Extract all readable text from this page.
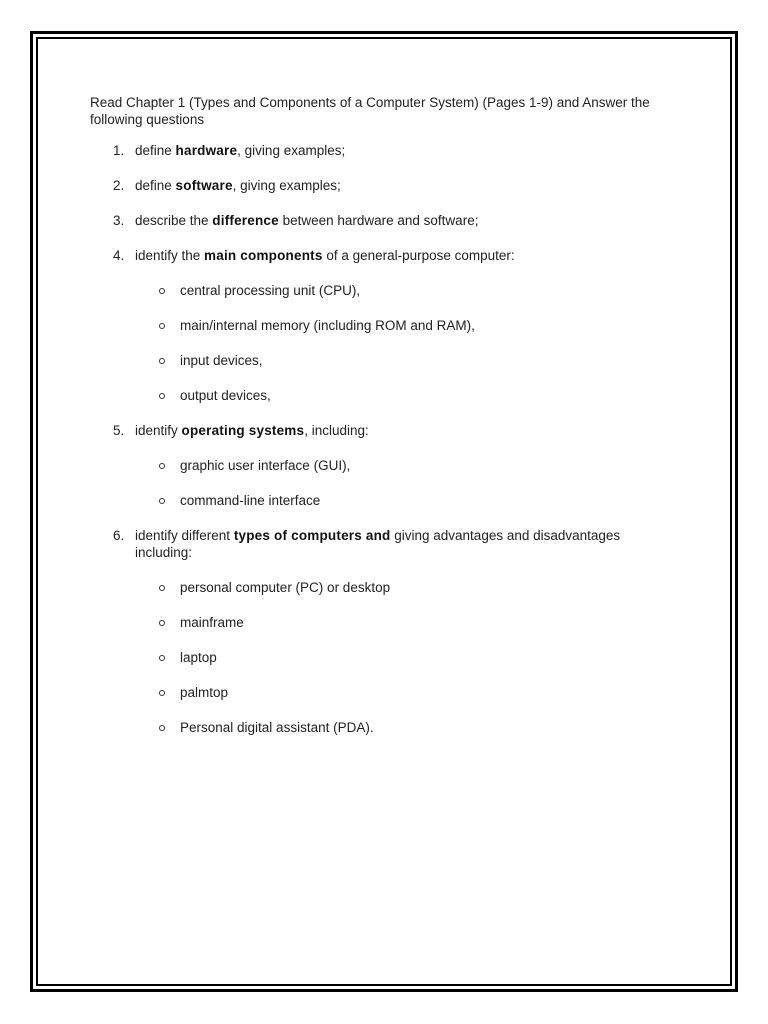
Read Chapter 1 (Types and Components of a Computer System) (Pages 1-9) and Answer the following questions

1. define hardware, giving examples;
2. define software, giving examples;
3. describe the difference between hardware and software;
4. identify the main components of a general-purpose computer:
central processing unit (CPU),
main/internal memory (including ROM and RAM),
input devices,
output devices,
5. identify operating systems, including:
graphic user interface (GUI),
command-line interface
6. identify different types of computers and giving advantages and disadvantages including:
personal computer (PC) or desktop
mainframe
laptop
palmtop
Personal digital assistant (PDA).
